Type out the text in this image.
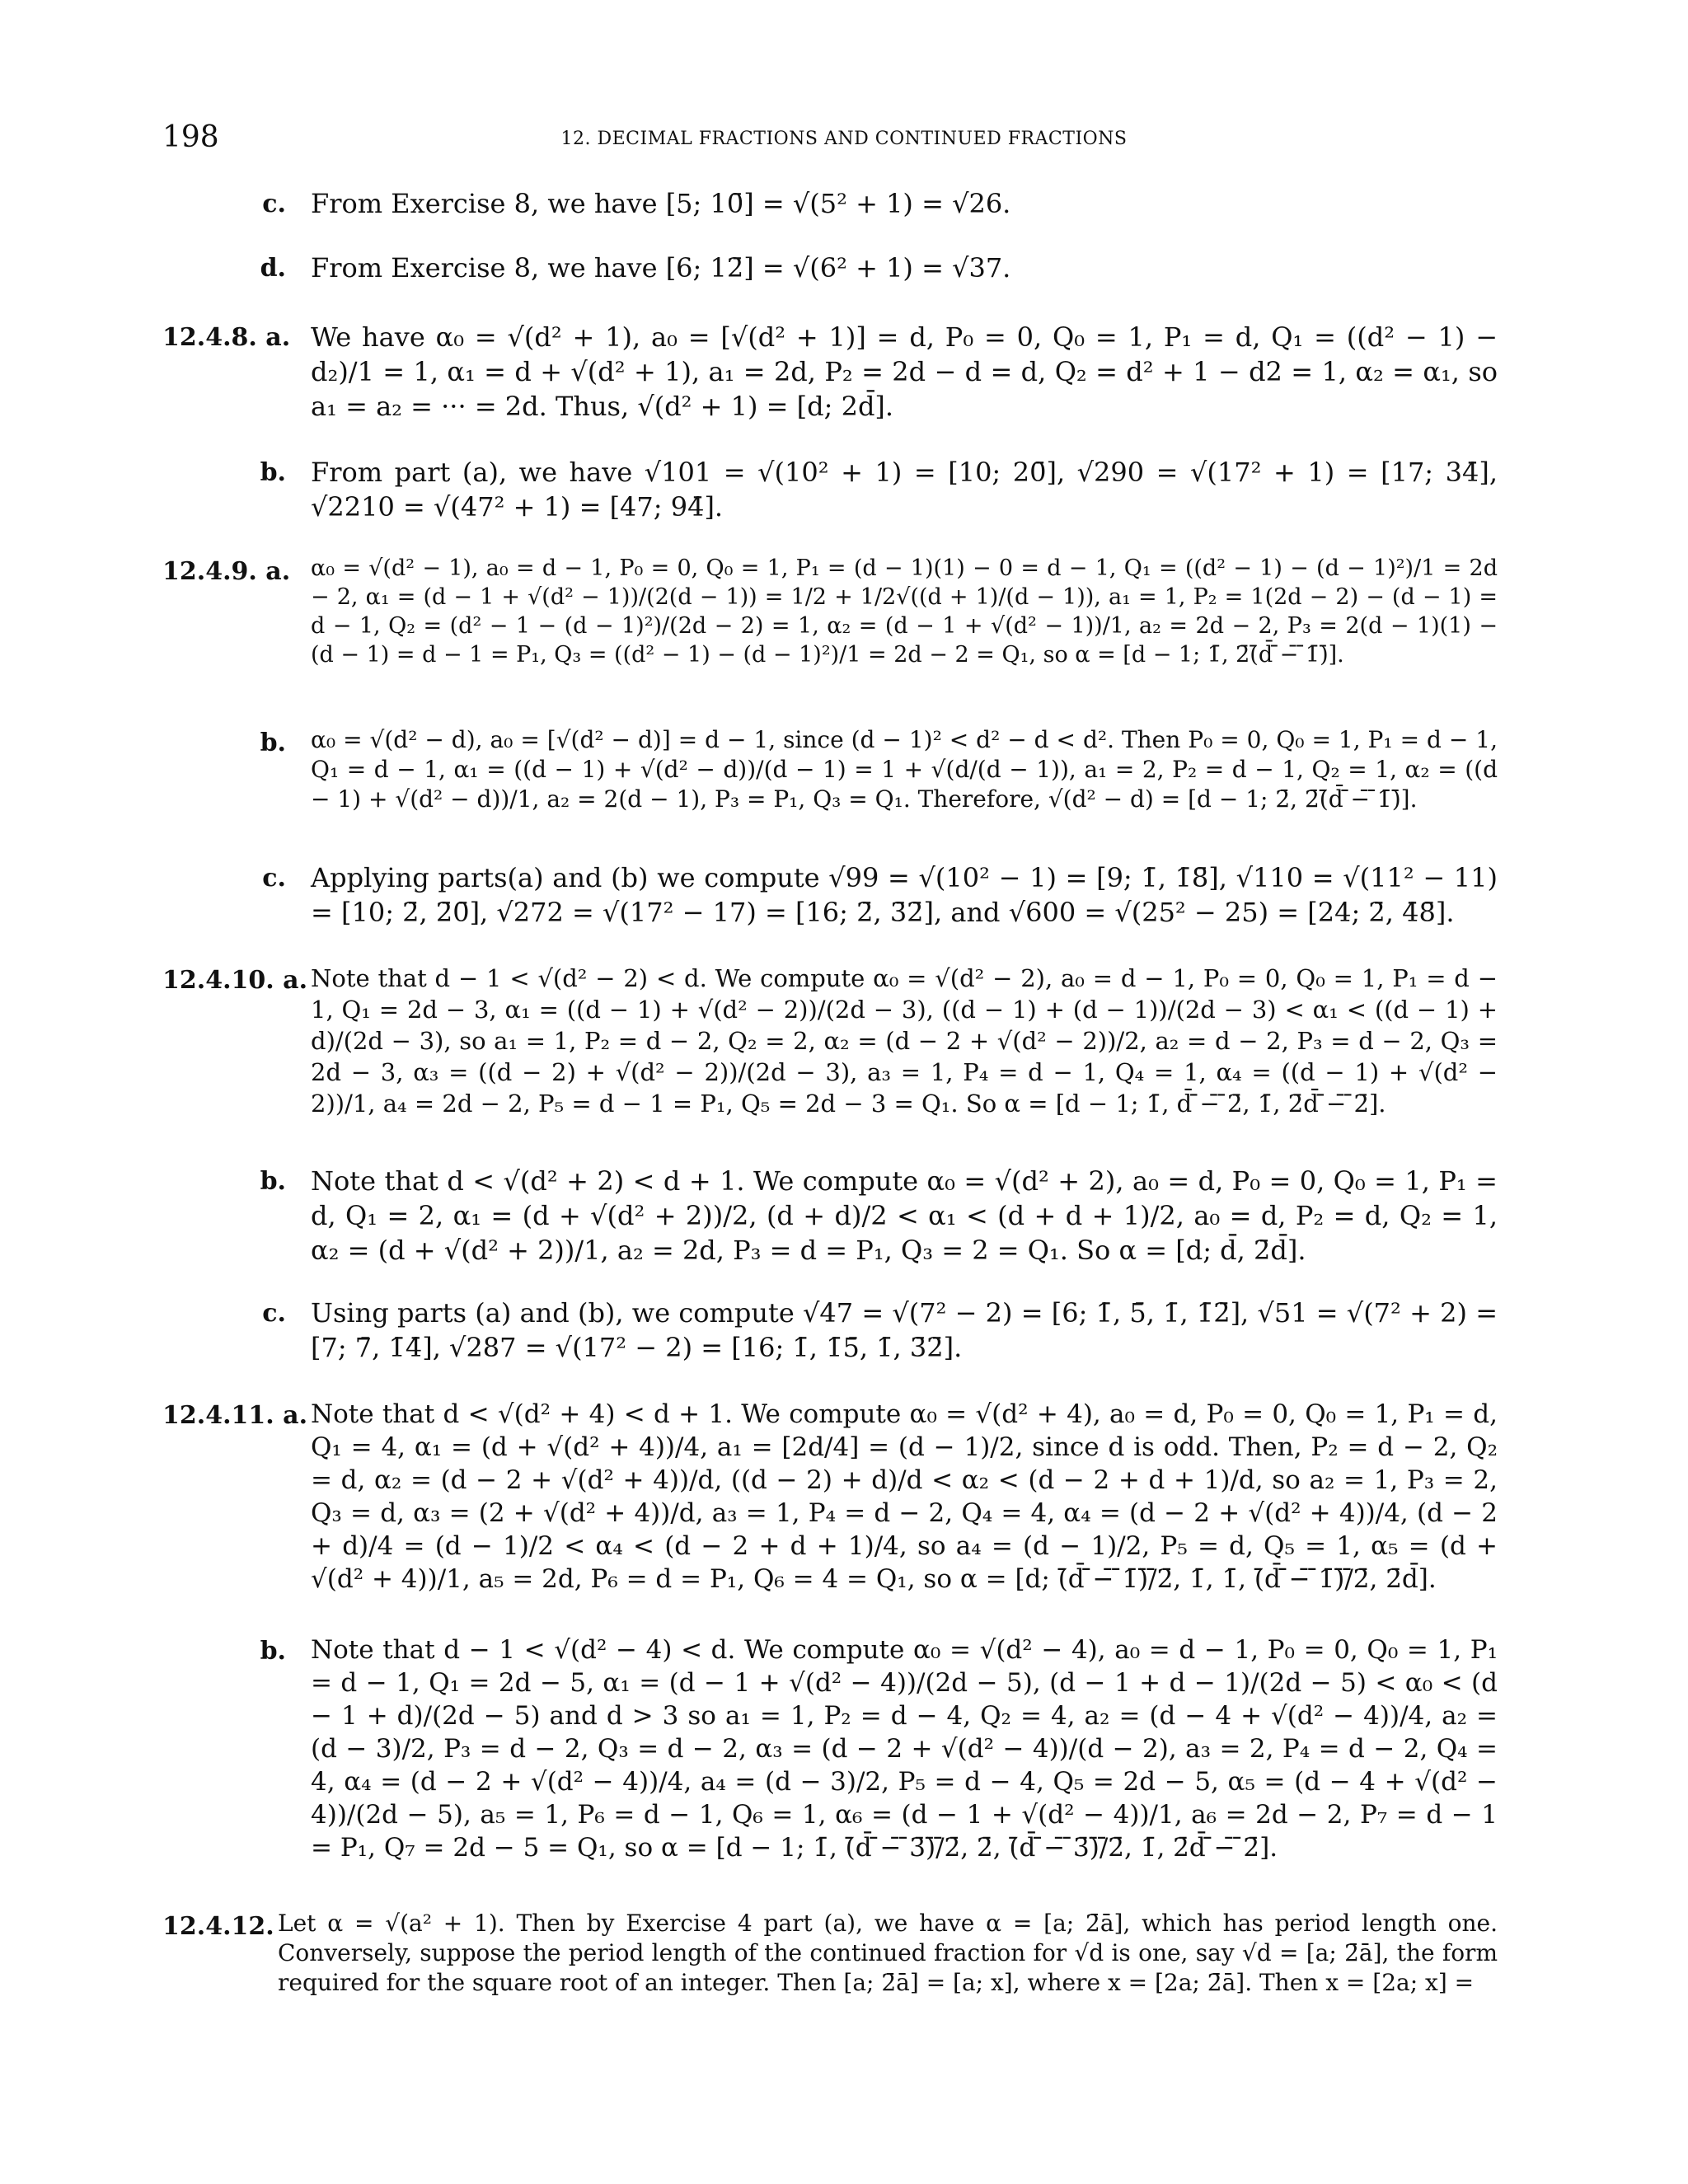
198	12. DECIMAL FRACTIONS AND CONTINUED FRACTIONS
c. From Exercise 8, we have [5; 10̄] = √(5² + 1) = √26.

d. From Exercise 8, we have [6; 12̄] = √(6² + 1) = √37.

12.4.8. a. We have α₀ = √(d² + 1), a₀ = [√(d² + 1)] = d, P₀ = 0, Q₀ = 1, P₁ = d, Q₁ = ((d² − 1) − d₂)/1 = 1, α₁ = d + √(d² + 1), a₁ = 2d, P₂ = 2d − d = d, Q₂ = d² + 1 − d2 = 1, α₂ = α₁, so a₁ = a₂ = ··· = 2d. Thus, √(d² + 1) = [d; 2d̄].

b. From part (a), we have √101 = √(10² + 1) = [10; 20̄], √290 = √(17² + 1) = [17; 34̄], √2210 = √(47² + 1) = [47; 94̄].

12.4.9. a. α₀ = √(d² − 1), a₀ = d − 1, P₀ = 0, Q₀ = 1, P₁ = (d − 1)(1) − 0 = d − 1, Q₁ = ((d² − 1) − (d − 1)²)/1 = 2d − 2, α₁ = (d − 1 + √(d² − 1))/(2(d − 1)) = 1/2 + 1/2√((d + 1)/(d − 1)), a₁ = 1, P₂ = 1(2d − 2) − (d − 1) = d − 1, Q₂ = (d² − 1 − (d − 1)²)/(2d − 2) = 1, α₂ = (d − 1 + √(d² − 1))/1, a₂ = 2d − 2, P₃ = 2(d − 1)(1) − (d − 1) = d − 1 = P₁, Q₃ = ((d² − 1) − (d − 1)²)/1 = 2d − 2 = Q₁, so α = [d − 1; 1̄, 2̄(̄d̄ ̄−̄ ̄1̄)̄].

b. α₀ = √(d² − d), a₀ = [√(d² − d)] = d − 1, since (d − 1)² < d² − d < d². Then P₀ = 0, Q₀ = 1, P₁ = d − 1, Q₁ = d − 1, α₁ = ((d − 1) + √(d² − d))/(d − 1) = 1 + √(d/(d − 1)), a₁ = 2, P₂ = d − 1, Q₂ = 1, α₂ = ((d − 1) + √(d² − d))/1, a₂ = 2(d − 1), P₃ = P₁, Q₃ = Q₁. Therefore, √(d² − d) = [d − 1; 2̄, 2̄(̄d̄ ̄−̄ ̄1̄)̄].

c. Applying parts(a) and (b) we compute √99 = √(10² − 1) = [9; 1̄, 1̄8̄], √110 = √(11² − 11) = [10; 2̄, 2̄0̄], √272 = √(17² − 17) = [16; 2̄, 3̄2̄], and √600 = √(25² − 25) = [24; 2̄, 4̄8̄].

12.4.10. a. Note that d − 1 < √(d² − 2) < d. We compute α₀ = √(d² − 2), a₀ = d − 1, P₀ = 0, Q₀ = 1, P₁ = d − 1, Q₁ = 2d − 3, α₁ = ((d − 1) + √(d² − 2))/(2d − 3), ((d − 1) + (d − 1))/(2d − 3) < α₁ < ((d − 1) + d)/(2d − 3), so a₁ = 1, P₂ = d − 2, Q₂ = 2, α₂ = (d − 2 + √(d² − 2))/2, a₂ = d − 2, P₃ = d − 2, Q₃ = 2d − 3, α₃ = ((d − 2) + √(d² − 2))/(2d − 3), a₃ = 1, P₄ = d − 1, Q₄ = 1, α₄ = ((d − 1) + √(d² − 2))/1, a₄ = 2d − 2, P₅ = d − 1 = P₁, Q₅ = 2d − 3 = Q₁. So α = [d − 1; 1̄, d̄ ̄−̄ ̄2̄, 1̄, 2̄d̄ ̄−̄ ̄2̄].

b. Note that d < √(d² + 2) < d + 1. We compute α₀ = √(d² + 2), a₀ = d, P₀ = 0, Q₀ = 1, P₁ = d, Q₁ = 2, α₁ = (d + √(d² + 2))/2, (d + d)/2 < α₁ < (d + d + 1)/2, a₀ = d, P₂ = d, Q₂ = 1, α₂ = (d + √(d² + 2))/1, a₂ = 2d, P₃ = d = P₁, Q₃ = 2 = Q₁. So α = [d; d̄, 2̄d̄].

c. Using parts (a) and (b), we compute √47 = √(7² − 2) = [6; 1̄, 5̄, 1̄, 1̄2̄], √51 = √(7² + 2) = [7; 7̄, 1̄4̄], √287 = √(17² − 2) = [16; 1̄, 1̄5̄, 1̄, 3̄2̄].

12.4.11. a. Note that d < √(d² + 4) < d + 1. We compute α₀ = √(d² + 4), a₀ = d, P₀ = 0, Q₀ = 1, P₁ = d, Q₁ = 4, α₁ = (d + √(d² + 4))/4, a₁ = [2d/4] = (d − 1)/2, since d is odd. Then, P₂ = d − 2, Q₂ = d, α₂ = (d − 2 + √(d² + 4))/d, ((d − 2) + d)/d < α₂ < (d − 2 + d + 1)/d, so a₂ = 1, P₃ = 2, Q₃ = d, α₃ = (2 + √(d² + 4))/d, a₃ = 1, P₄ = d − 2, Q₄ = 4, α₄ = (d − 2 + √(d² + 4))/4, (d − 2 + d)/4 = (d − 1)/2 < α₄ < (d − 2 + d + 1)/4, so a₄ = (d − 1)/2, P₅ = d, Q₅ = 1, α₅ = (d + √(d² + 4))/1, a₅ = 2d, P₆ = d = P₁, Q₆ = 4 = Q₁, so α = [d; (̄d̄ ̄−̄ ̄1̄)̄/̄2̄, 1̄, 1̄, (̄d̄ ̄−̄ ̄1̄)̄/̄2̄, 2̄d̄].

b. Note that d − 1 < √(d² − 4) < d. We compute α₀ = √(d² − 4), a₀ = d − 1, P₀ = 0, Q₀ = 1, P₁ = d − 1, Q₁ = 2d − 5, α₁ = (d − 1 + √(d² − 4))/(2d − 5), (d − 1 + d − 1)/(2d − 5) < α₀ < (d − 1 + d)/(2d − 5) and d > 3 so a₁ = 1, P₂ = d − 4, Q₂ = 4, a₂ = (d − 4 + √(d² − 4))/4, a₂ = (d − 3)/2, P₃ = d − 2, Q₃ = d − 2, α₃ = (d − 2 + √(d² − 4))/(d − 2), a₃ = 2, P₄ = d − 2, Q₄ = 4, α₄ = (d − 2 + √(d² − 4))/4, a₄ = (d − 3)/2, P₅ = d − 4, Q₅ = 2d − 5, α₅ = (d − 4 + √(d² − 4))/(2d − 5), a₅ = 1, P₆ = d − 1, Q₆ = 1, α₆ = (d − 1 + √(d² − 4))/1, a₆ = 2d − 2, P₇ = d − 1 = P₁, Q₇ = 2d − 5 = Q₁, so α = [d − 1; 1̄, (̄d̄ ̄−̄ ̄3̄)̄/̄2̄, 2̄, (̄d̄ ̄−̄ ̄3̄)̄/̄2̄, 1̄, 2̄d̄ ̄−̄ ̄2̄].

12.4.12. Let α = √(a² + 1). Then by Exercise 4 part (a), we have α = [a; 2̄ā], which has period length one. Conversely, suppose the period length of the continued fraction for √d is one, say √d = [a; 2̄ā], the form required for the square root of an integer. Then [a; 2̄ā] = [a; x], where x = [2a; 2̄ā]. Then x = [2a; x] =
